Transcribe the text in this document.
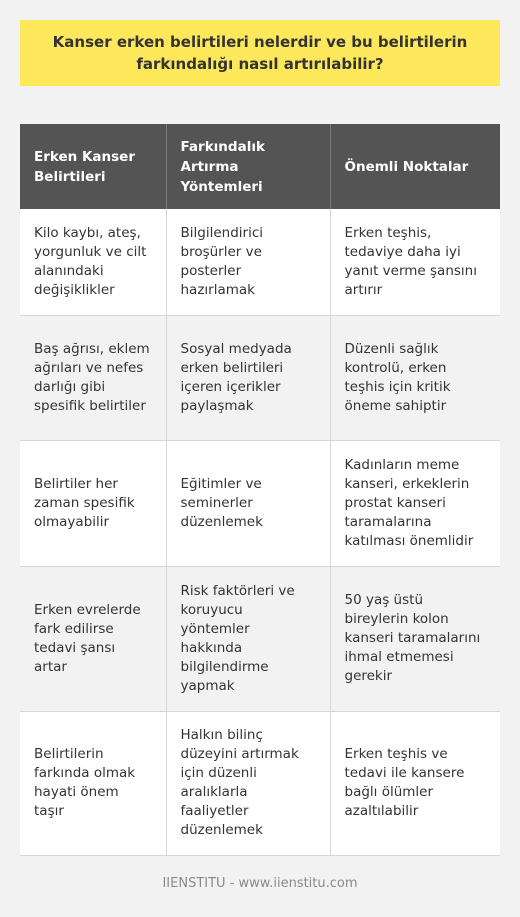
Kanser erken belirtileri nelerdir ve bu belirtilerin farkındalığı nasıl artırılabilir?
Erken Kanser Belirtileri	Farkındalık Artırma Yöntemleri	Önemli Noktalar
Kilo kaybı, ateş, yorgunluk ve cilt alanındaki değişiklikler	Bilgilendirici broşürler ve posterler hazırlamak	Erken teşhis, tedaviye daha iyi yanıt verme şansını artırır
Baş ağrısı, eklem ağrıları ve nefes darlığı gibi spesifik belirtiler	Sosyal medyada erken belirtileri içeren içerikler paylaşmak	Düzenli sağlık kontrolü, erken teşhis için kritik öneme sahiptir
Belirtiler her zaman spesifik olmayabilir	Eğitimler ve seminerler düzenlemek	Kadınların meme kanseri, erkeklerin prostat kanseri taramalarına katılması önemlidir
Erken evrelerde fark edilirse tedavi şansı artar	Risk faktörleri ve koruyucu yöntemler hakkında bilgilendirme yapmak	50 yaş üstü bireylerin kolon kanseri taramalarını ihmal etmemesi gerekir
Belirtilerin farkında olmak hayati önem taşır	Halkın bilinç düzeyini artırmak için düzenli aralıklarla faaliyetler düzenlemek	Erken teşhis ve tedavi ile kansere bağlı ölümler azaltılabilir
IIENSTITU - www.iienstitu.com
